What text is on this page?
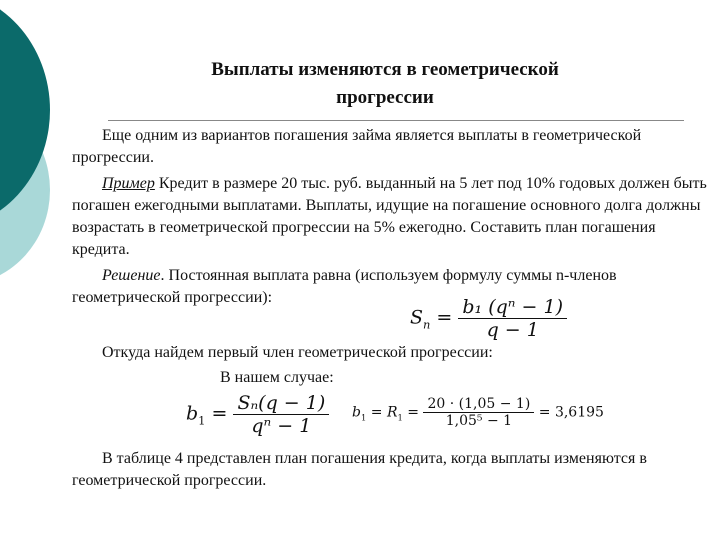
Выплаты изменяются в геометрической
прогрессии

Еще одним из вариантов погашения займа является выплаты в геометрической прогрессии.

Пример Кредит в размере 20 тыс. руб. выданный на 5 лет под 10% годовых должен быть погашен ежегодными выплатами. Выплаты, идущие на погашение основного долга должны возрастать в геометрической прогрессии на 5% ежегодно. Составить план погашения кредита.

Решение. Постоянная выплата равна (используем формулу суммы n-членов геометрической прогрессии):

$S_n = \frac{\text{b₁ (qⁿ − 1)}}{q - 1}$

Откуда найдем первый член геометрической прогрессии:

В нашем случае:

$b_1 = \frac{\text{Sₙ(q − 1)}}{\text{qⁿ − 1}} b_1 = R_1 = \frac{20 \cdot (1,05 - 1)}{\text{1,05⁵ − 1}} = 3,6195$

В таблице 4 представлен план погашения кредита, когда выплаты изменяются в геометрической прогрессии.
